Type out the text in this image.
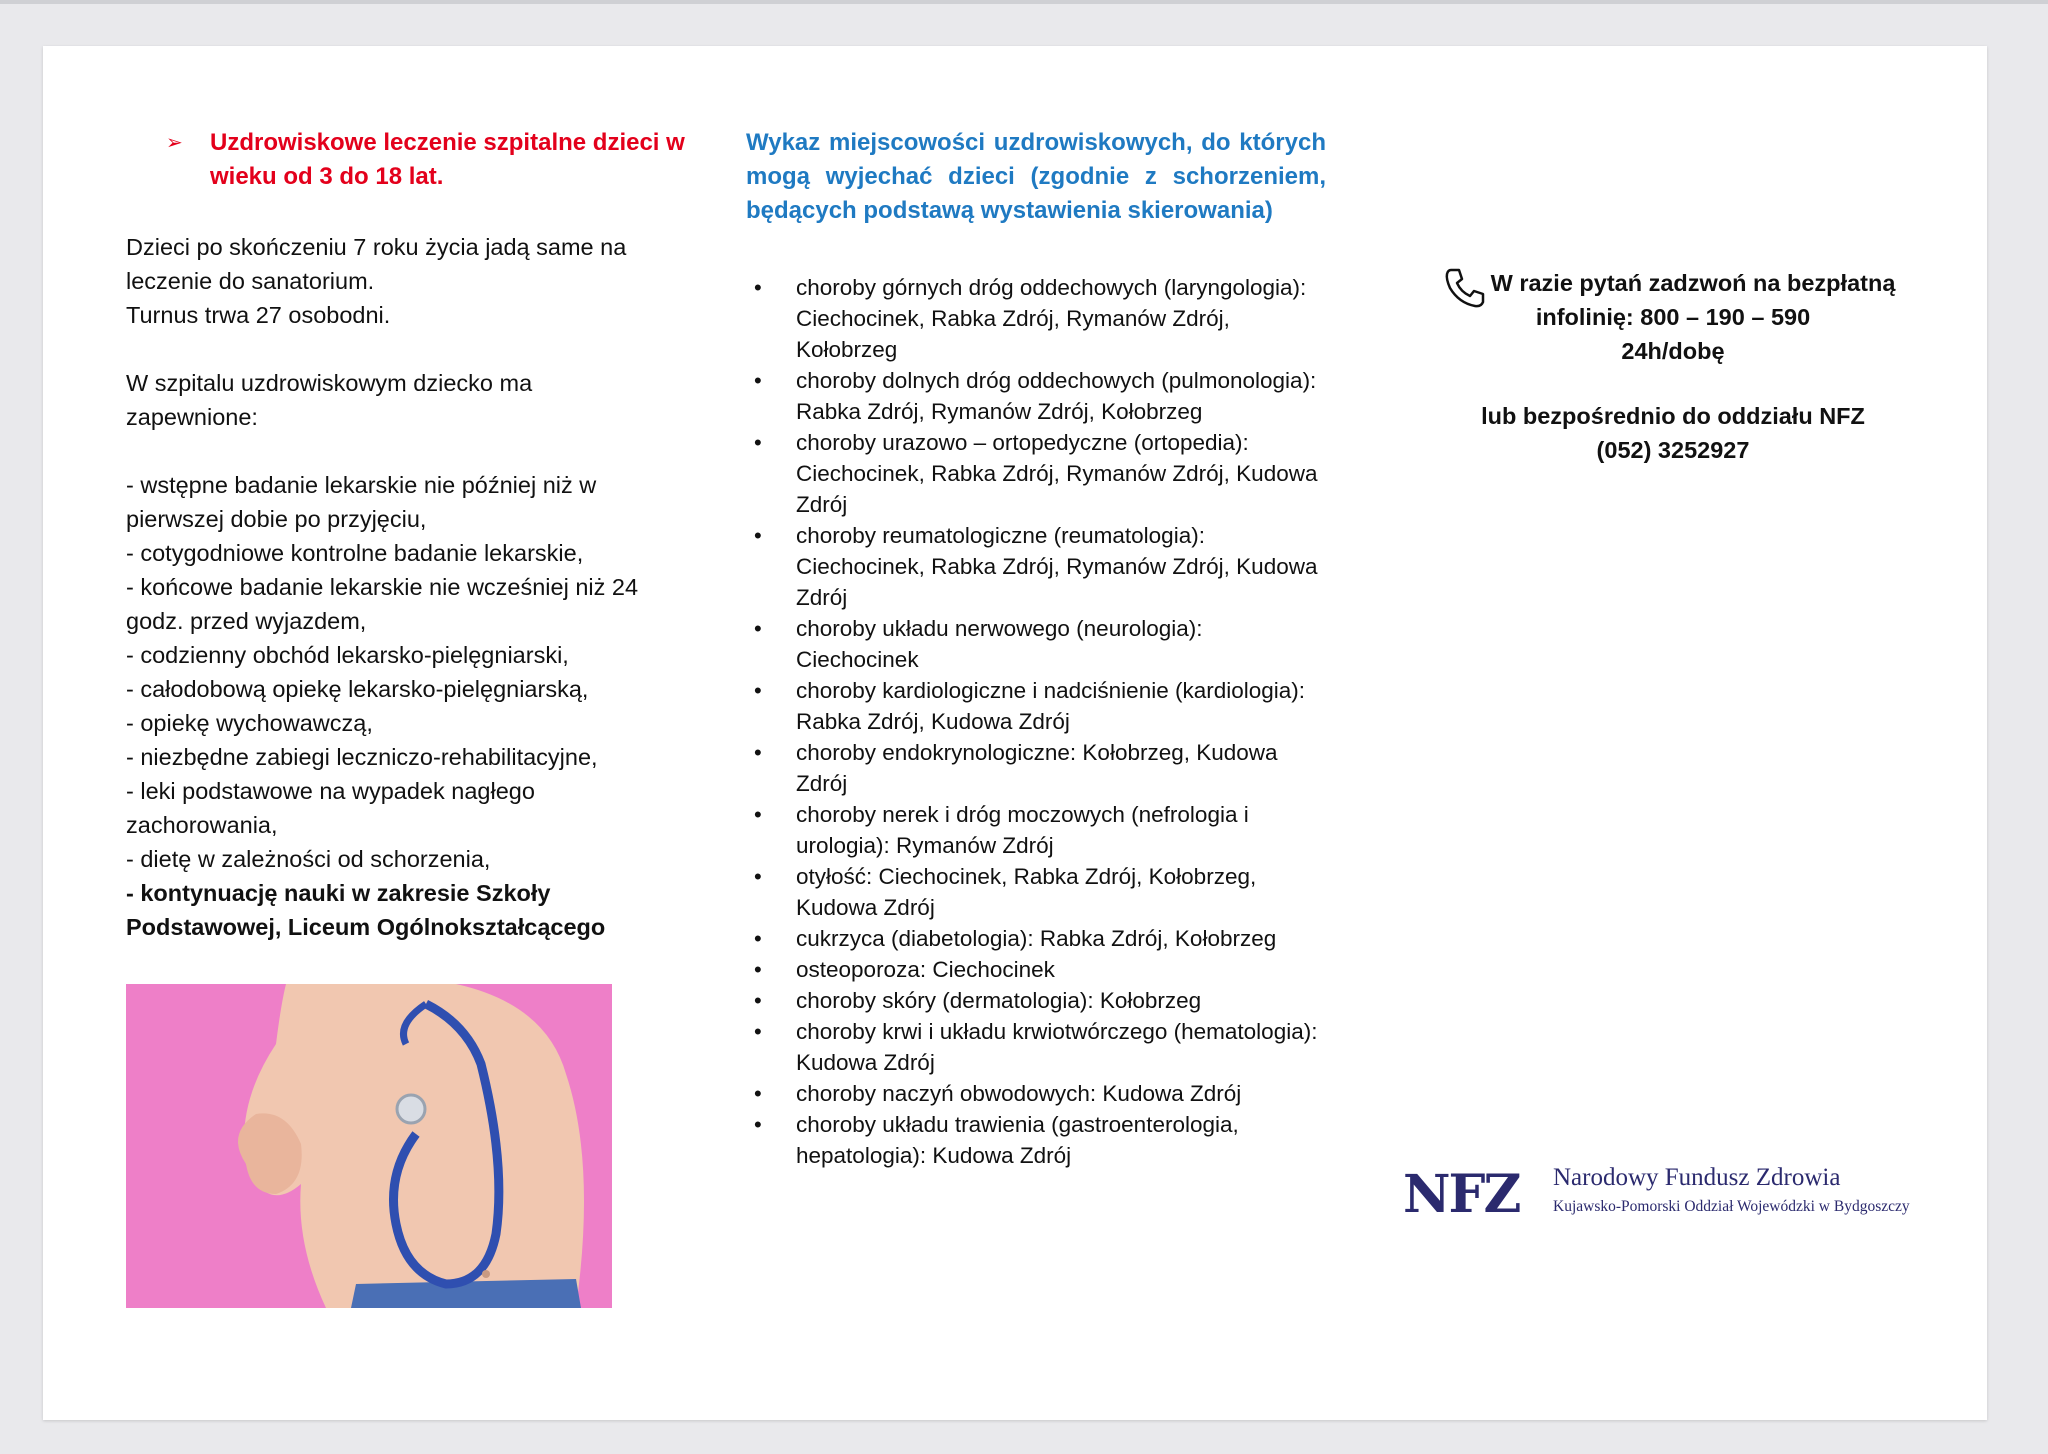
➢ Uzdrowiskowe leczenie szpitalne dzieci w wieku od 3 do 18 lat.

Dzieci po skończeniu 7 roku życia jadą same na leczenie do sanatorium.

Turnus trwa 27 osobodni.

W szpitalu uzdrowiskowym dziecko ma zapewnione:

- wstępne badanie lekarskie nie później niż w pierwszej dobie po przyjęciu,

- cotygodniowe kontrolne badanie lekarskie,

- końcowe badanie lekarskie nie wcześniej niż 24 godz. przed wyjazdem,

- codzienny obchód lekarsko-pielęgniarski,

- całodobową opiekę lekarsko-pielęgniarską,

- opiekę wychowawczą,

- niezbędne zabiegi leczniczo-rehabilitacyjne,

- leki podstawowe na wypadek nagłego zachorowania,

- dietę w zależności od schorzenia,

- kontynuację nauki w zakresie Szkoły Podstawowej, Liceum Ogólnokształcącego

Wykaz miejscowości uzdrowiskowych, do których mogą wyjechać dzieci (zgodnie z schorzeniem, będących podstawą wystawienia skierowania)

• choroby górnych dróg oddechowych (laryngologia): Ciechocinek, Rabka Zdrój, Rymanów Zdrój, Kołobrzeg
• choroby dolnych dróg oddechowych (pulmonologia): Rabka Zdrój, Rymanów Zdrój, Kołobrzeg
• choroby urazowo – ortopedyczne (ortopedia): Ciechocinek, Rabka Zdrój, Rymanów Zdrój, Kudowa Zdrój
• choroby reumatologiczne (reumatologia): Ciechocinek, Rabka Zdrój, Rymanów Zdrój, Kudowa Zdrój
• choroby układu nerwowego (neurologia): Ciechocinek
• choroby kardiologiczne i nadciśnienie (kardiologia): Rabka Zdrój, Kudowa Zdrój
• choroby endokrynologiczne: Kołobrzeg, Kudowa Zdrój
• choroby nerek i dróg moczowych (nefrologia i urologia): Rymanów Zdrój
• otyłość: Ciechocinek, Rabka Zdrój, Kołobrzeg, Kudowa Zdrój
• cukrzyca (diabetologia): Rabka Zdrój, Kołobrzeg
• osteoporoza: Ciechocinek
• choroby skóry (dermatologia): Kołobrzeg
• choroby krwi i układu krwiotwórczego (hematologia): Kudowa Zdrój
• choroby naczyń obwodowych: Kudowa Zdrój
• choroby układu trawienia (gastroenterologia, hepatologia): Kudowa Zdrój

W razie pytań zadzwoń na bezpłatną

infolinię: 800 – 190 – 590

24h/dobę

lub bezpośrednio do oddziału NFZ

(052) 3252927

NFZ Narodowy Fundusz Zdrowia
Kujawsko-Pomorski Oddział Wojewódzki w Bydgoszczy
